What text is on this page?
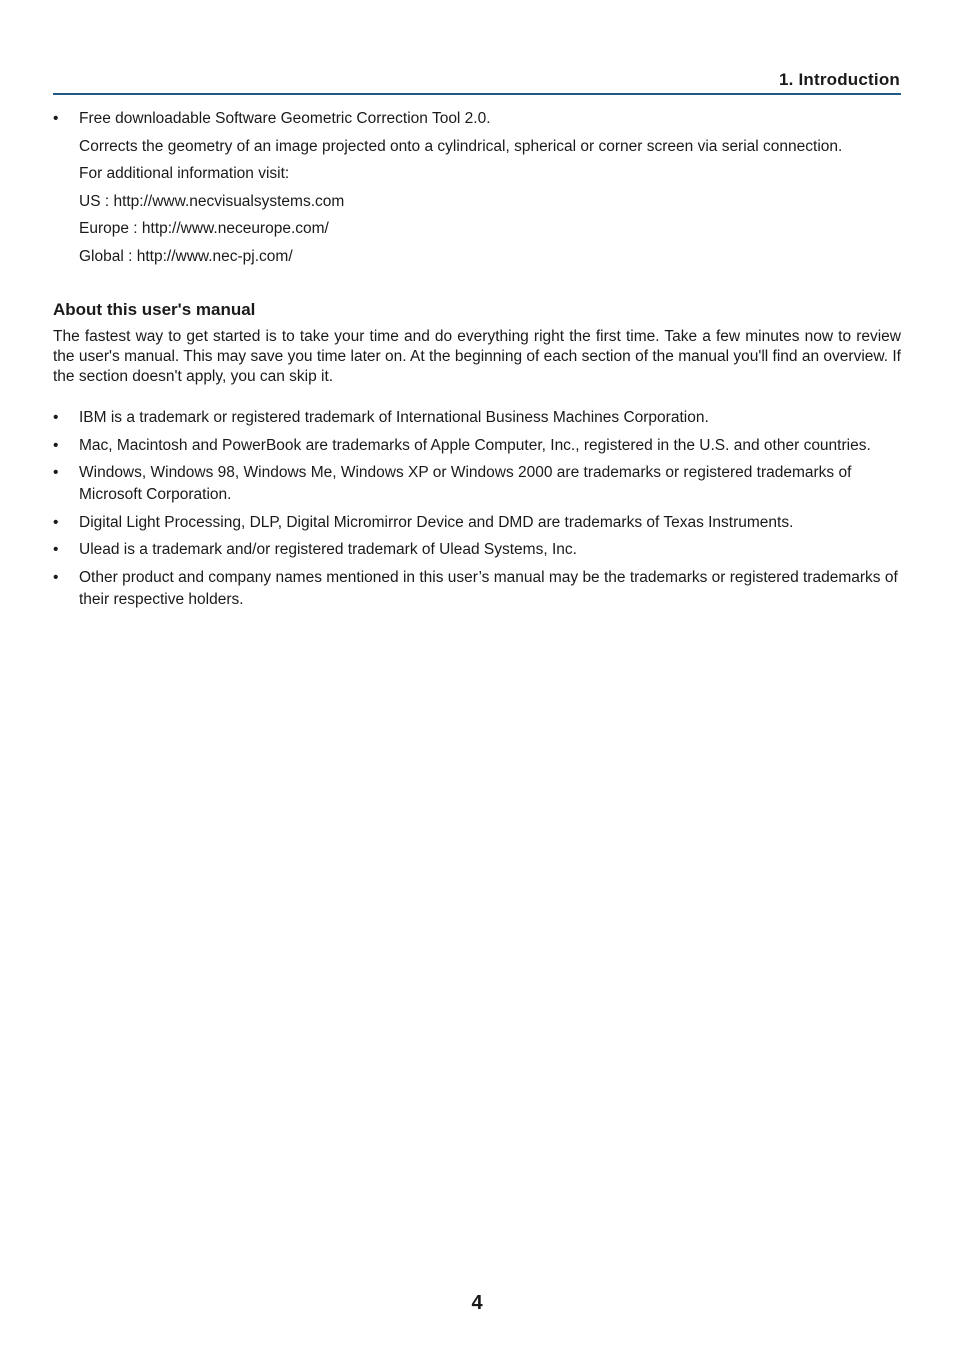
1. Introduction
• Free downloadable Software Geometric Correction Tool 2.0.
Corrects the geometry of an image projected onto a cylindrical, spherical or corner screen via serial connection.
For additional information visit:
US : http://www.necvisualsystems.com
Europe : http://www.neceurope.com/
Global : http://www.nec-pj.com/
About this user's manual

The fastest way to get started is to take your time and do everything right the first time. Take a few minutes now to review the user's manual. This may save you time later on. At the beginning of each section of the manual you'll find an overview. If the section doesn't apply, you can skip it.

• IBM is a trademark or registered trademark of International Business Machines Corporation.
• Mac, Macintosh and PowerBook are trademarks of Apple Computer, Inc., registered in the U.S. and other countries.
• Windows, Windows 98, Windows Me, Windows XP or Windows 2000 are trademarks or registered trademarks of Microsoft Corporation.
• Digital Light Processing, DLP, Digital Micromirror Device and DMD are trademarks of Texas Instruments.
• Ulead is a trademark and/or registered trademark of Ulead Systems, Inc.
• Other product and company names mentioned in this user’s manual may be the trademarks or registered trademarks of their respective holders.
4
